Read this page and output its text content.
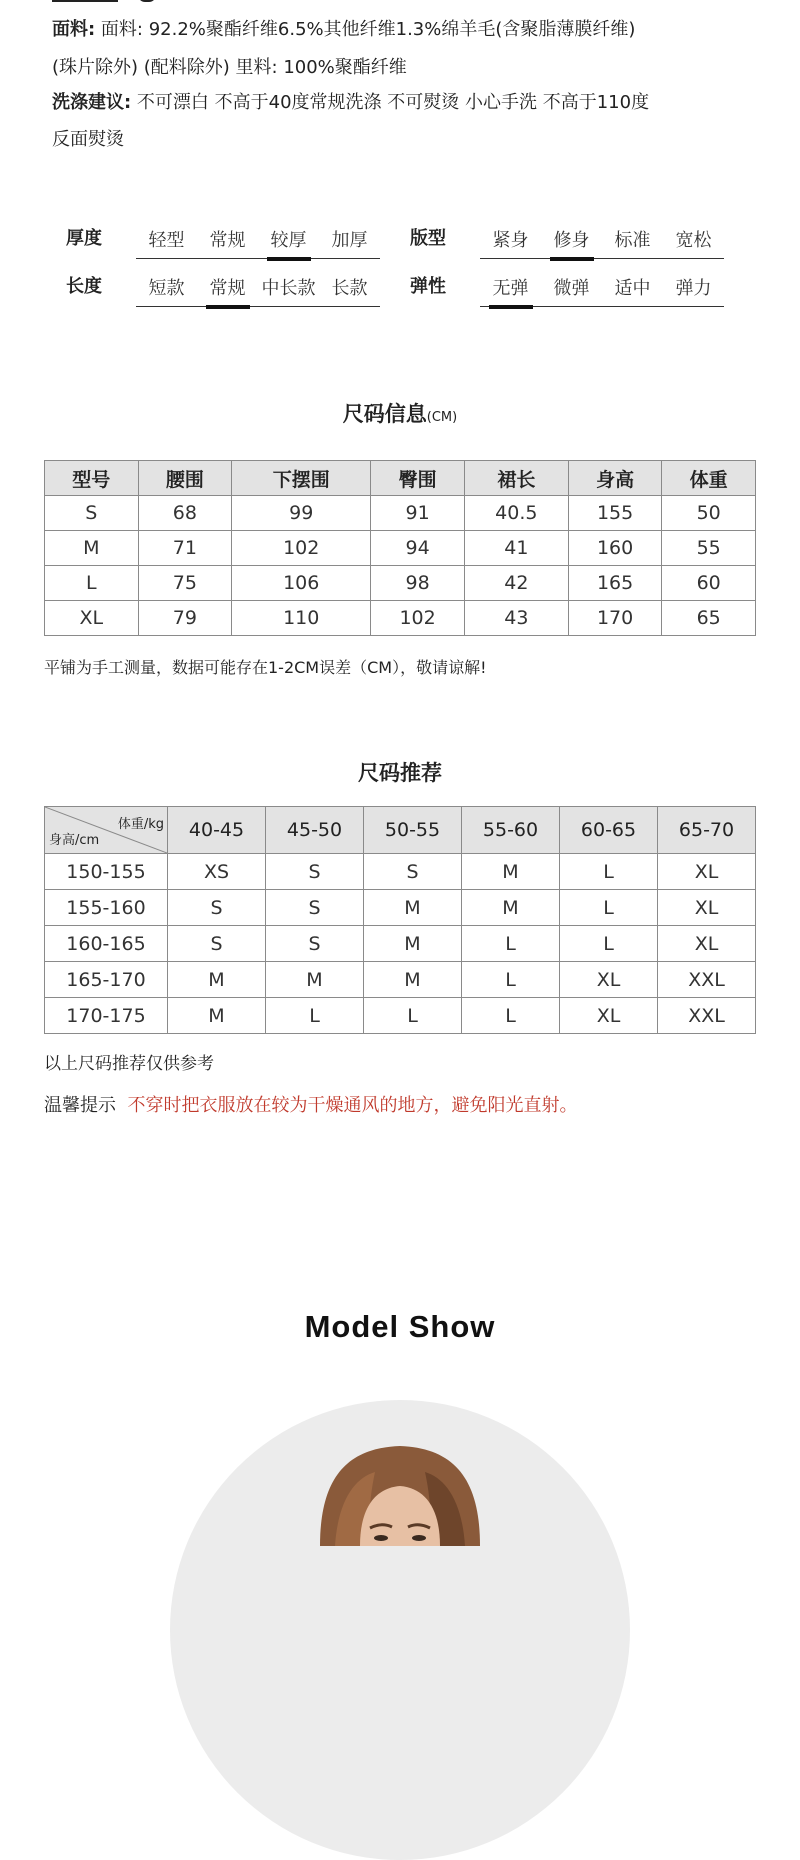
面料: 面料: 92.2%聚酯纤维6.5%其他纤维1.3%绵羊毛(含聚脂薄膜纤维)
(珠片除外) (配料除外) 里料: 100%聚酯纤维
洗涤建议: 不可漂白 不高于40度常规洗涤 不可熨烫 小心手洗 不高于110度
反面熨烫
厚度	轻型	常规	较厚	加厚	版型	紧身	修身	标准	宽松
长度	短款	常规 中长款 长款	弹性	无弹	微弹	适中	弹力
尺码信息(CM)
型号	腰围	下摆围	臀围	裙长	身高	体重
S	68	99	91	40.5	155	50
M	71	102	94	41	160	55
L	75	106	98	42	165	60
XL	79	110	102	43	170	65
平铺为手工测量，数据可能存在1-2CM误差（CM），敬请谅解!
尺码推荐
体重/kg
身高/cm	40-45	45-50	50-55	55-60	60-65	65-70
150-155	XS	S	S	M	L	XL
155-160	S	S	M	M	L	XL
160-165	S	S	M	L	L	XL
165-170	M	M	M	L	XL	XXL
170-175	M	L	L	L	XL	XXL
以上尺码推荐仅供参考
温馨提示 不穿时把衣服放在较为干燥通风的地方，避免阳光直射。
Model Show
